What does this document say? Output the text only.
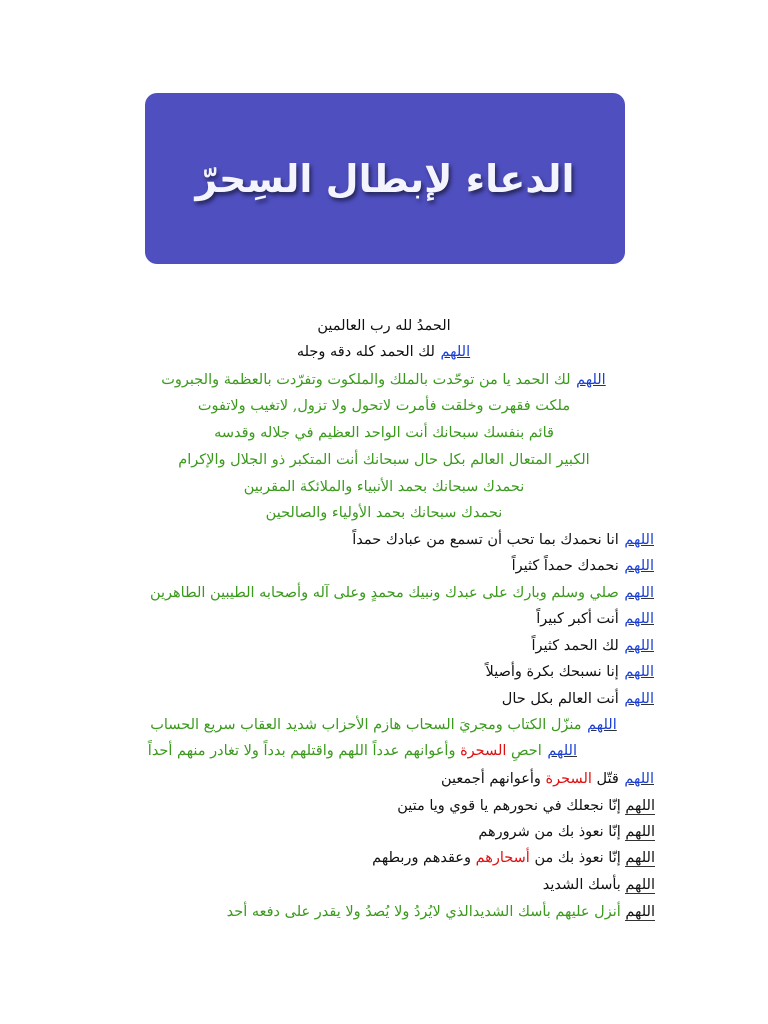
الدعاء لإبطال السِحرّ
الحمدُ لله رب العالمين
اللهم لك الحمد كله دقه وجله
اللهم لك الحمد يا من توحّدت بالملك والملكوت وتفرّدت بالعظمة والجبروت
ملكت فقهرت وخلقت فأمرت لاتحول ولا تزول, لاتغيب ولاتفوت
قائم بنفسك سبحانك أنت الواحد العظيم في جلاله وقدسه
الكبير المتعال العالم بكل حال سبحانك أنت المتكبر ذو الجلال والإكرام
نحمدك سبحانك بحمد الأنبياء والملائكة المقربين
نحمدك سبحانك بحمد الأولياء والصالحين
اللهم انا نحمدك بما تحب أن تسمع من عبادك حمداً
اللهم نحمدك حمداً كثيراً
اللهم صلي وسلم وبارك على عبدك ونبيك محمدٍ وعلى آله وأصحابه الطيبين الطاهرين
اللهم أنت أكبر كبيراً
اللهم لك الحمد كثيراً
اللهم إنا نسبحك بكرة وأصيلاً
اللهم أنت العالم بكل حال
اللهم منزّل الكتاب ومجريَ السحاب هازم الأحزاب شديد العقاب سريع الحساب
اللهم احصِ السحرة وأعوانهم عدداً اللهم واقتلهم بدداً ولا تغادر منهم أحداً
اللهم قتّل السحرة وأعوانهم أجمعين
اللهم إنّا نجعلك في نحورهم يا قوي ويا متين
اللهم إنّا نعوذ بك من شرورهم
اللهم إنّا نعوذ بك من أسحارهم وعقدهم وربطهم
اللهم بأسك الشديد
اللهم أنزل عليهم بأسك الشديدالذي لايُردُ ولا يُصدُ ولا يقدر على دفعه أحد
